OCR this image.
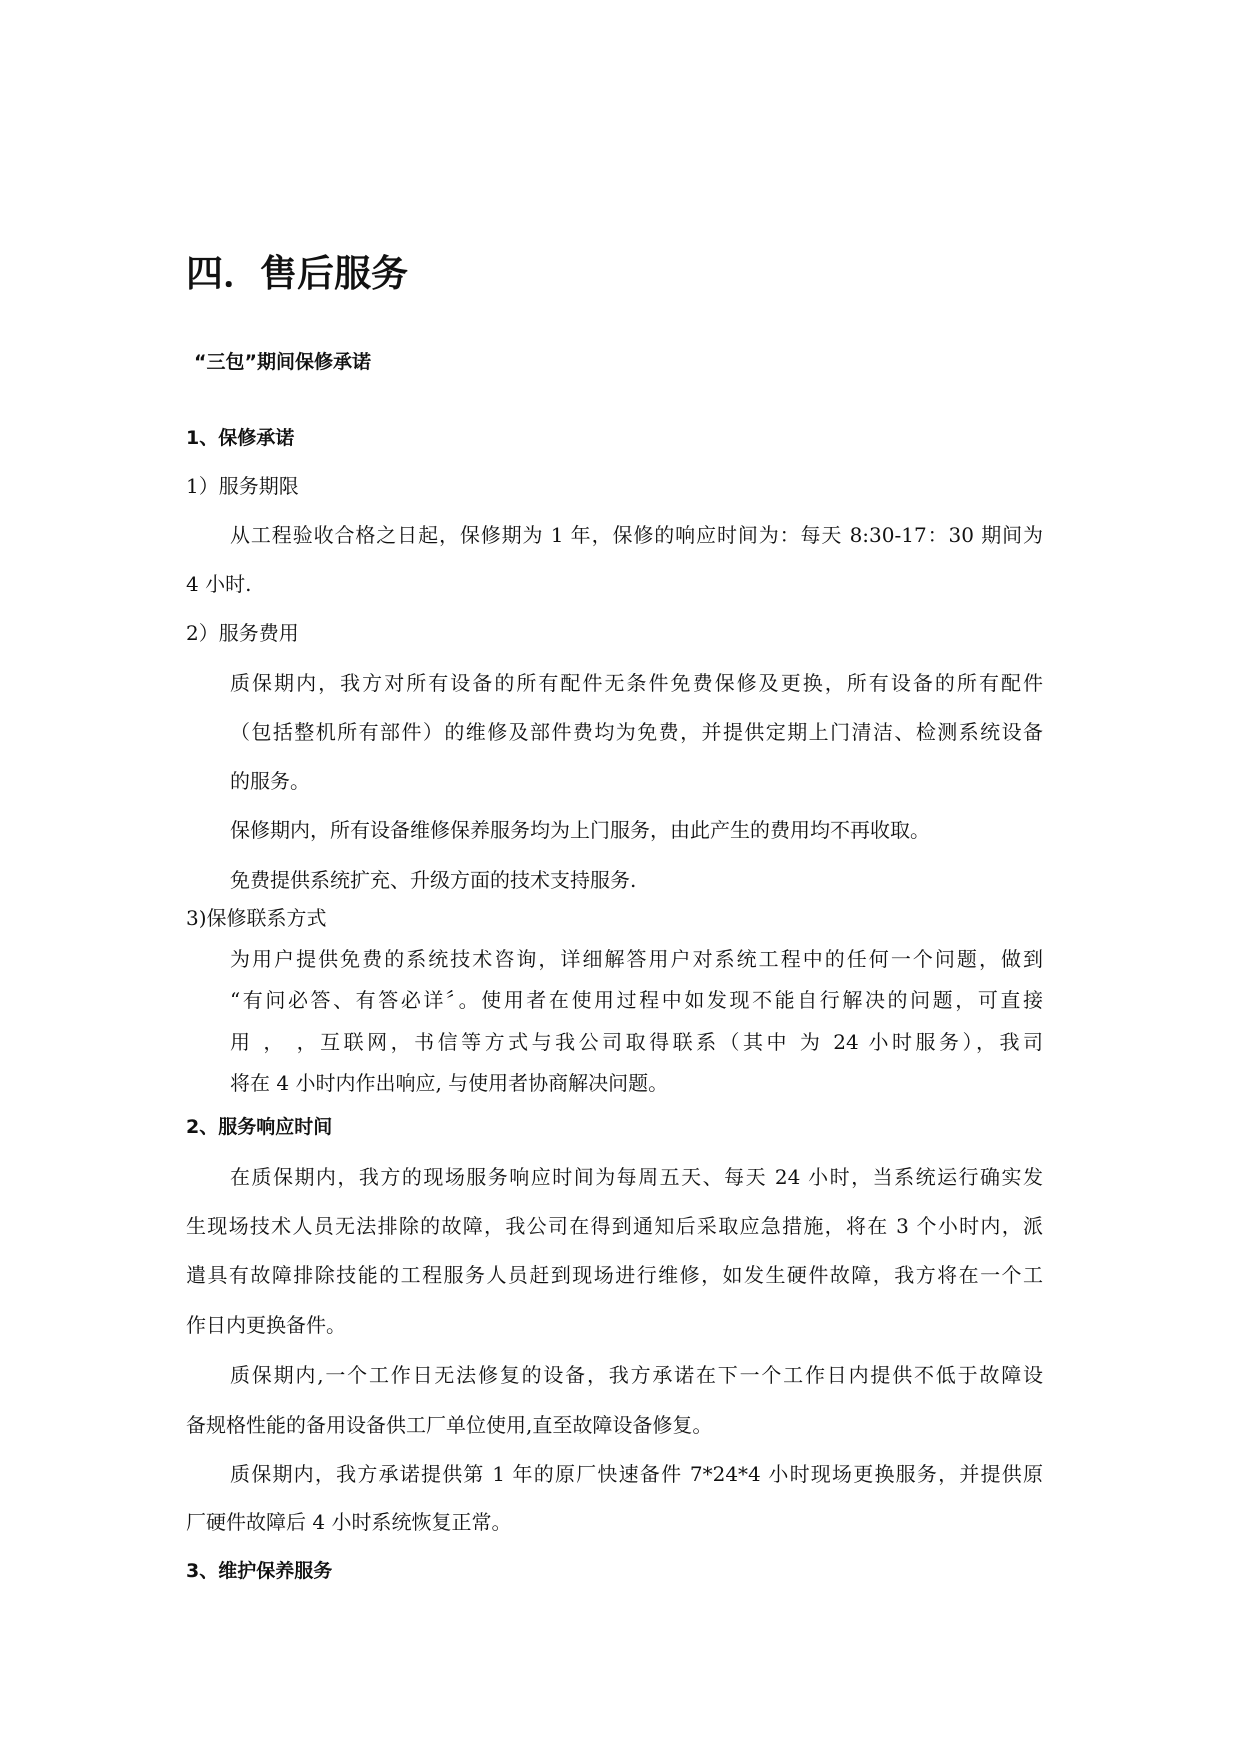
四．售后服务
“三包”期间保修承诺
1、保修承诺
1）服务期限
从工程验收合格之日起，保修期为 1 年，保修的响应时间为：每天 8:30-17：30 期间为
4 小时.
2）服务费用
质保期内，我方对所有设备的所有配件无条件免费保修及更换，所有设备的所有配件
（包括整机所有部件）的维修及部件费均为免费，并提供定期上门清洁、检测系统设备
的服务。
保修期内，所有设备维修保养服务均为上门服务，由此产生的费用均不再收取。
免费提供系统扩充、升级方面的技术支持服务.
3)保修联系方式
为用户提供免费的系统技术咨询，详细解答用户对系统工程中的任何一个问题，做到
“有问必答、有答必详〞。使用者在使用过程中如发现不能自行解决的问题，可直接
用 ， ，互联网，书信等方式与我公司取得联系（其中 为 24 小时服务），我司
将在 4 小时内作出响应, 与使用者协商解决问题。
2、服务响应时间
在质保期内，我方的现场服务响应时间为每周五天、每天 24 小时，当系统运行确实发
生现场技术人员无法排除的故障，我公司在得到通知后采取应急措施，将在 3 个小时内，派
遣具有故障排除技能的工程服务人员赶到现场进行维修，如发生硬件故障，我方将在一个工
作日内更换备件。
质保期内,一个工作日无法修复的设备，我方承诺在下一个工作日内提供不低于故障设
备规格性能的备用设备供工厂单位使用,直至故障设备修复。
质保期内，我方承诺提供第 1 年的原厂快速备件 7*24*4 小时现场更换服务，并提供原
厂硬件故障后 4 小时系统恢复正常。
3、维护保养服务
